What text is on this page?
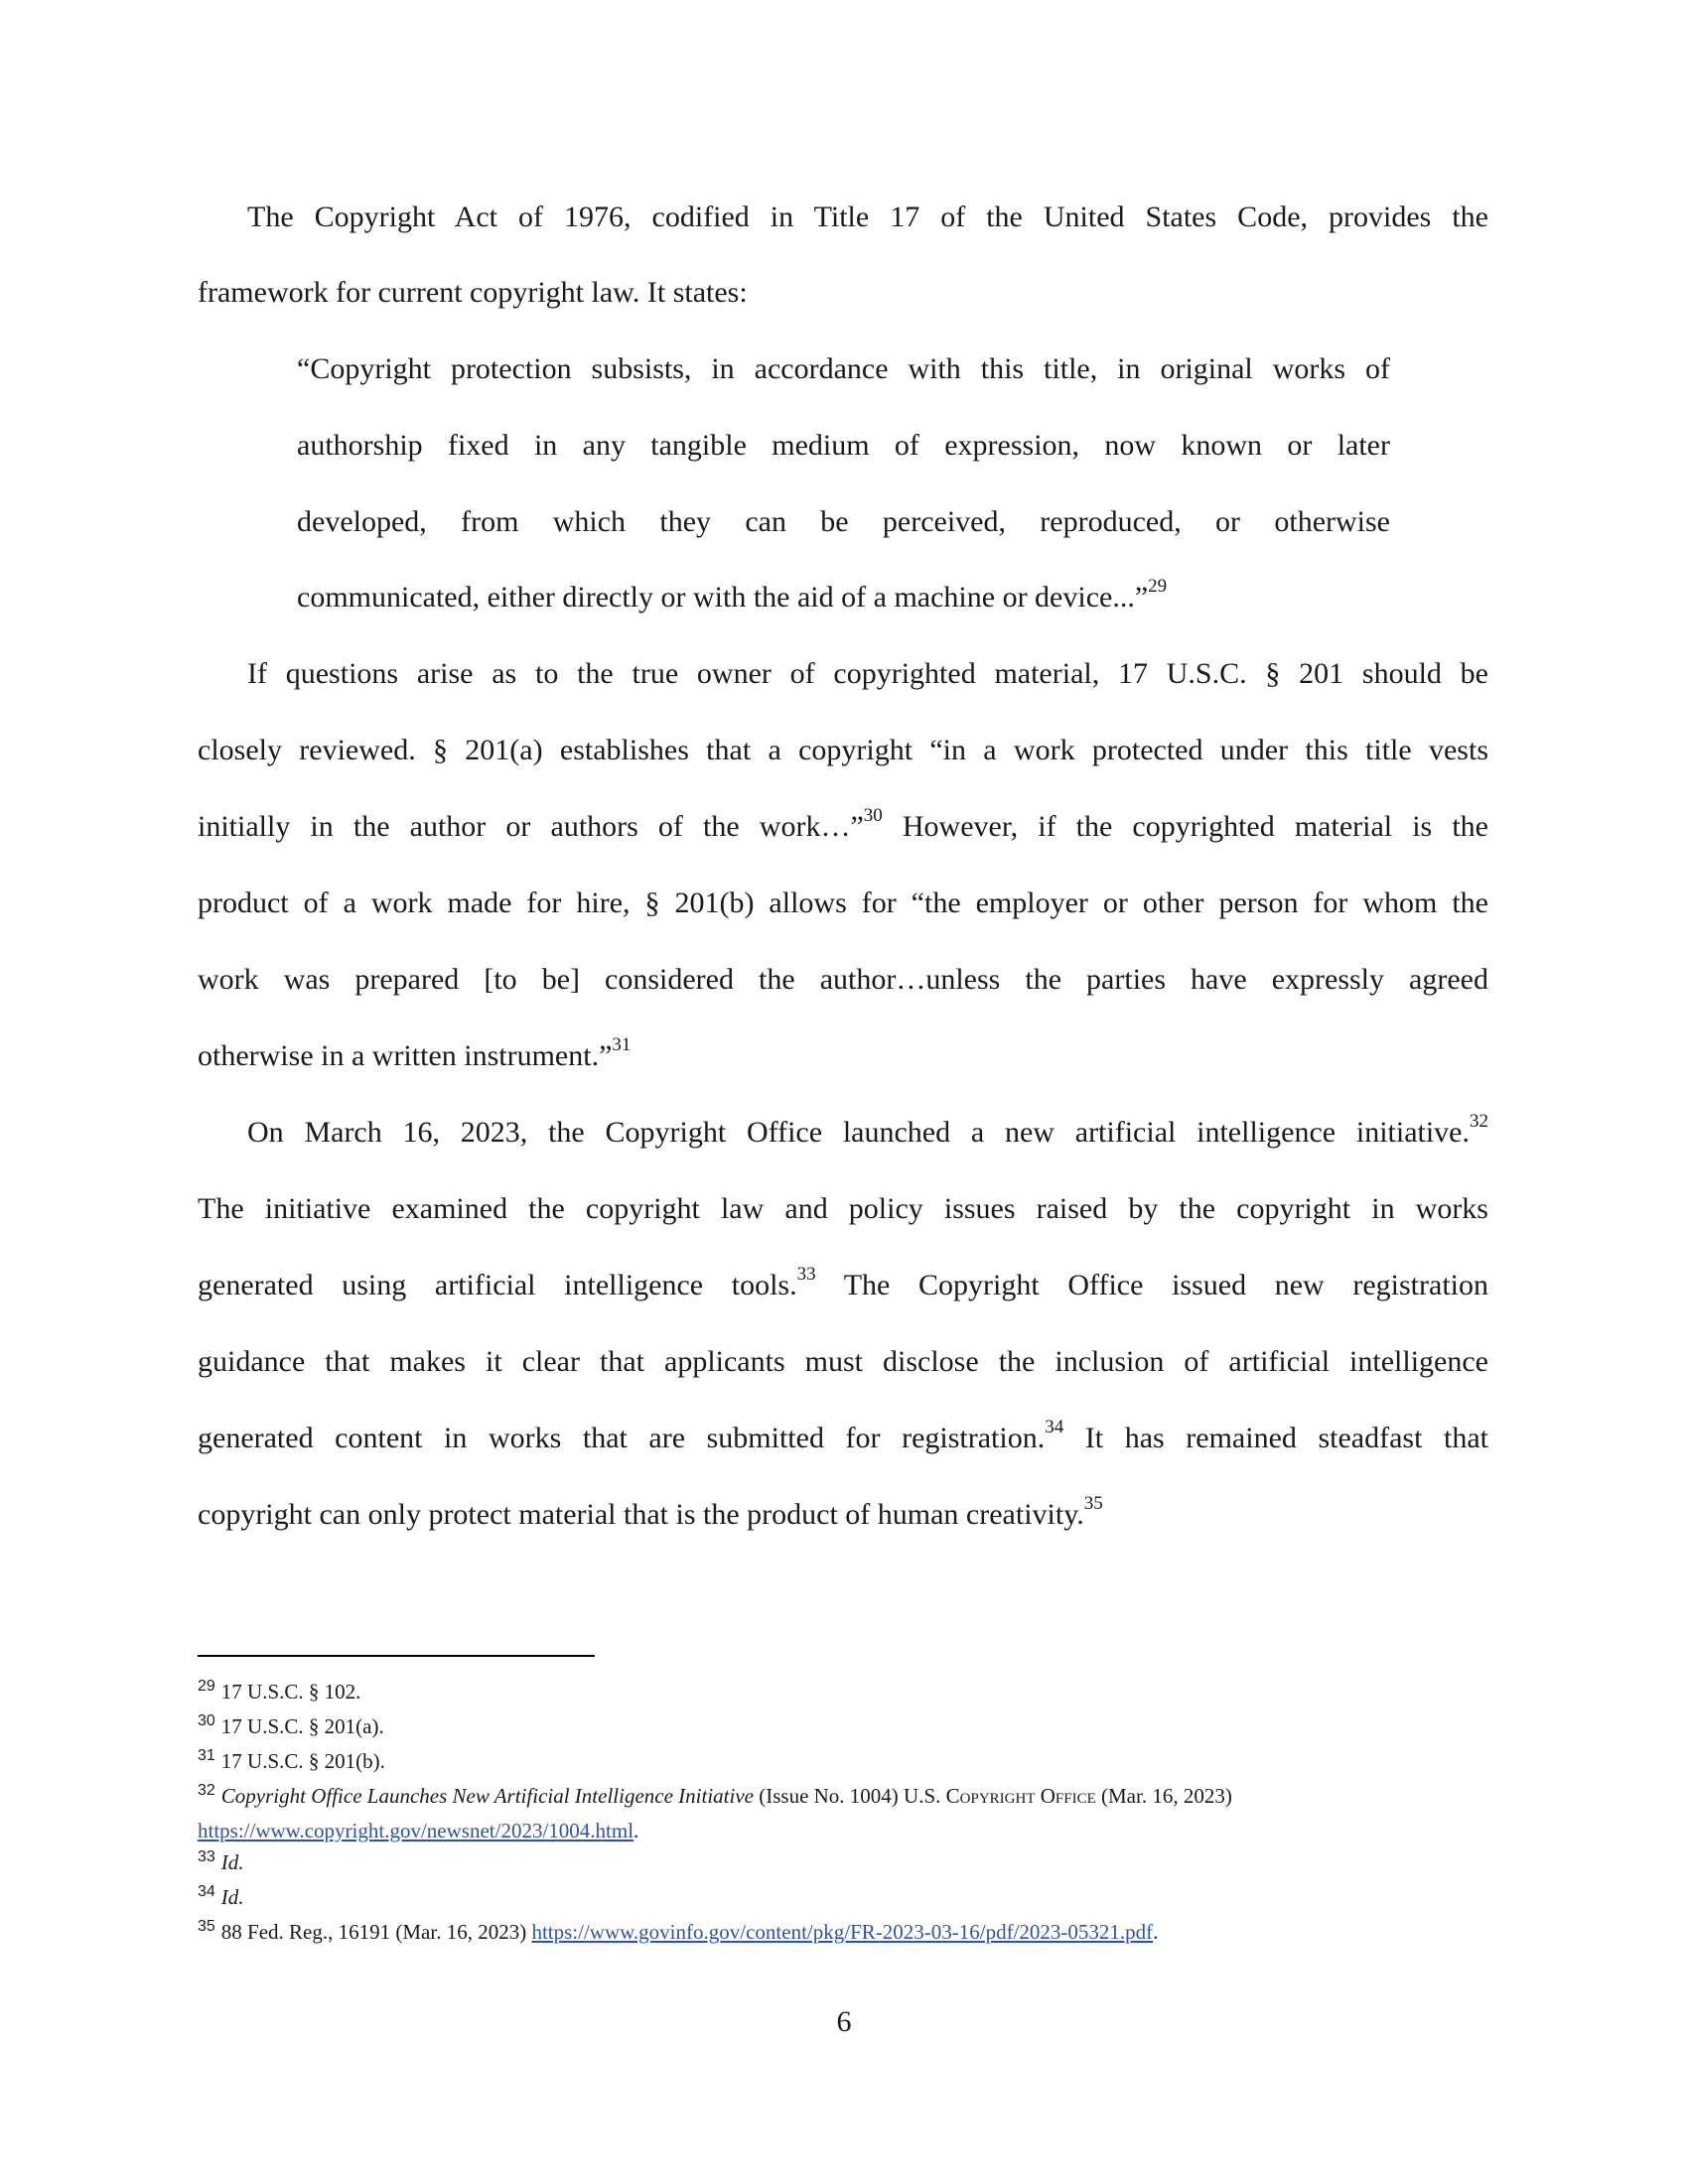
The Copyright Act of 1976, codified in Title 17 of the United States Code, provides the
framework for current copyright law. It states:
“Copyright protection subsists, in accordance with this title, in original works of
authorship fixed in any tangible medium of expression, now known or later
developed, from which they can be perceived, reproduced, or otherwise
communicated, either directly or with the aid of a machine or device...”$^{29}$
If questions arise as to the true owner of copyrighted material, 17 U.S.C. § 201 should be
closely reviewed. § 201(a) establishes that a copyright “in a work protected under this title vests
initially in the author or authors of the work…”$^{30}$ However, if the copyrighted material is the
product of a work made for hire, § 201(b) allows for “the employer or other person for whom the
work was prepared [to be] considered the author…unless the parties have expressly agreed
otherwise in a written instrument.”$^{31}$
On March 16, 2023, the Copyright Office launched a new artificial intelligence initiative.$^{32}$
The initiative examined the copyright law and policy issues raised by the copyright in works
generated using artificial intelligence tools.$^{33}$ The Copyright Office issued new registration
guidance that makes it clear that applicants must disclose the inclusion of artificial intelligence
generated content in works that are submitted for registration.$^{34}$ It has remained steadfast that
copyright can only protect material that is the product of human creativity.$^{35}$
$^{29}$ 17 U.S.C. § 102.
$^{30}$ 17 U.S.C. § 201(a).
$^{31}$ 17 U.S.C. § 201(b).
$^{32}$ Copyright Office Launches New Artificial Intelligence Initiative (Issue No. 1004) U.S. Copyright Office (Mar. 16, 2023)
https://www.copyright.gov/newsnet/2023/1004.html.
$^{33}$ Id.
$^{34}$ Id.
$^{35}$ 88 Fed. Reg., 16191 (Mar. 16, 2023) https://www.govinfo.gov/content/pkg/FR-2023-03-16/pdf/2023-05321.pdf.
6
